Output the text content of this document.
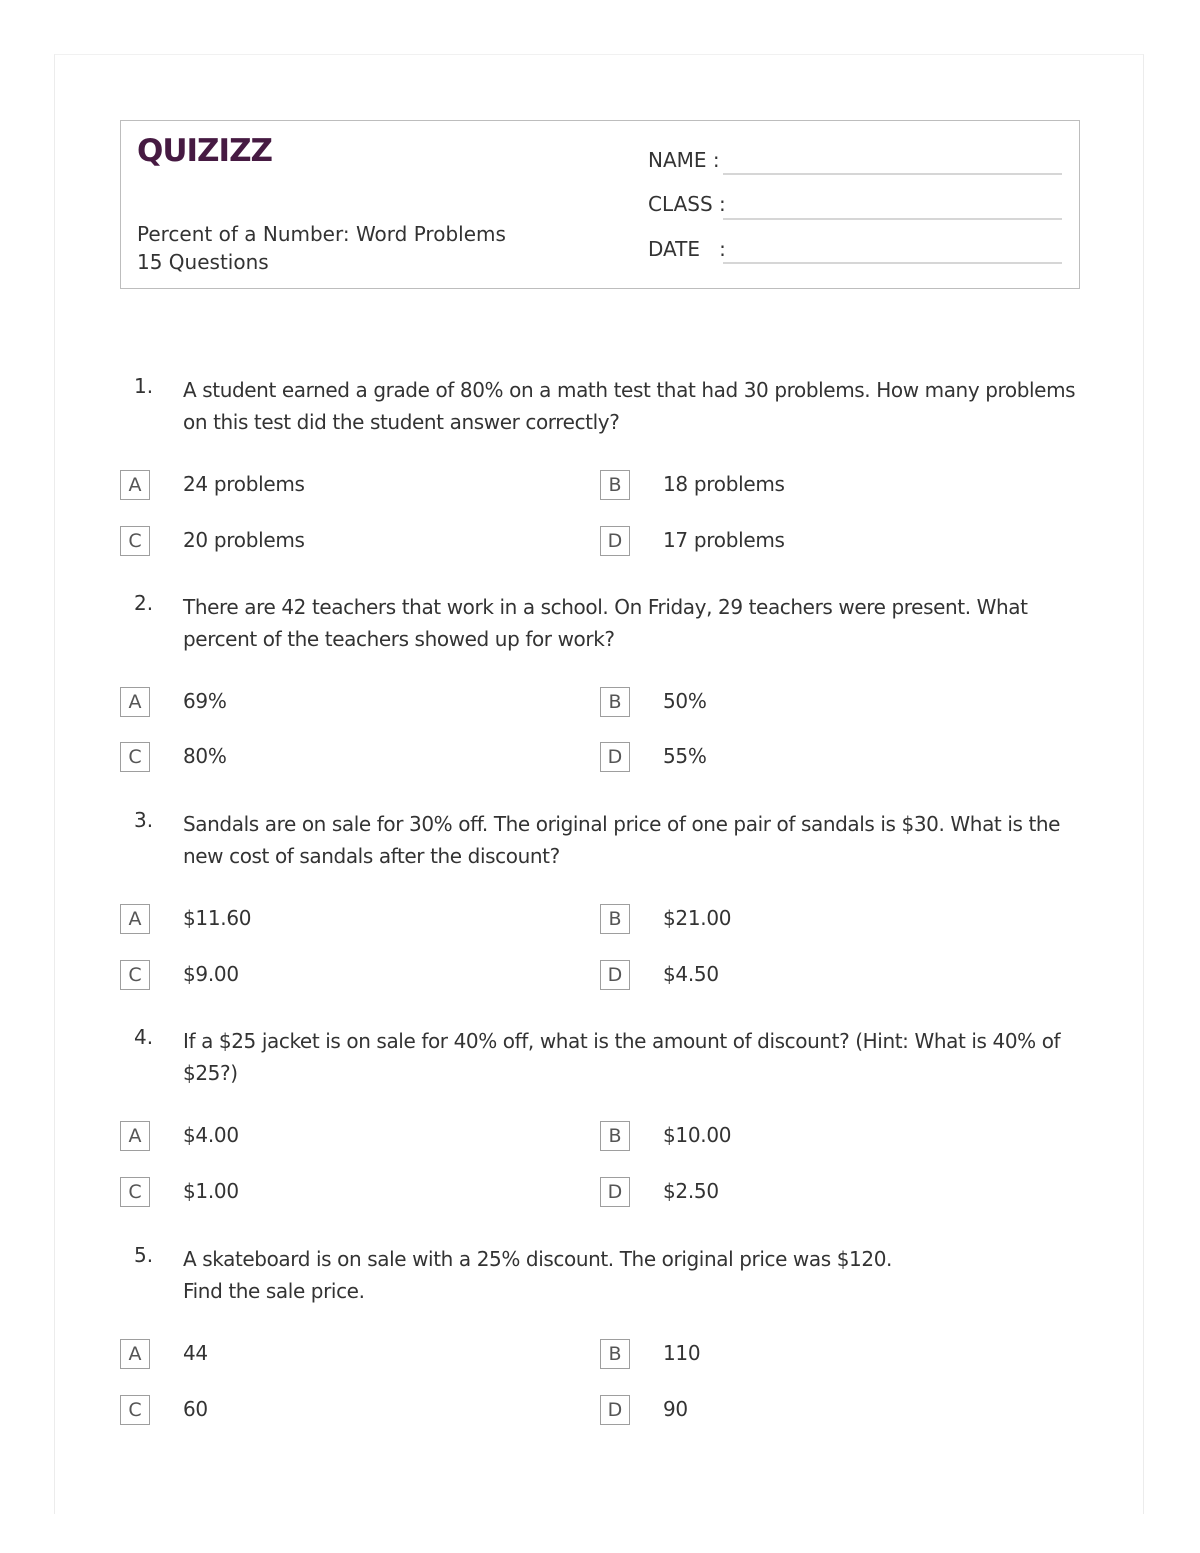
QUIZIZZ
Percent of a Number: Word Problems
15 Questions
NAME :
CLASS :
DATE   :
1. A student earned a grade of 80% on a math test that had 30 problems. How many problems on this test did the student answer correctly?
A	24 problems	B	18 problems
C	20 problems	D	17 problems
2. There are 42 teachers that work in a school. On Friday, 29 teachers were present. What percent of the teachers showed up for work?
A	69%	B	50%
C	80%	D	55%
3. Sandals are on sale for 30% off. The original price of one pair of sandals is $30. What is the new cost of sandals after the discount?
A	$11.60	B	$21.00
C	$9.00	D	$4.50
4. If a $25 jacket is on sale for 40% off, what is the amount of discount? (Hint: What is 40% of $25?)
A	$4.00	B	$10.00
C	$1.00	D	$2.50
5. A skateboard is on sale with a 25% discount. The original price was $120.
Find the sale price.
A	44	B	110
C	60	D	90
